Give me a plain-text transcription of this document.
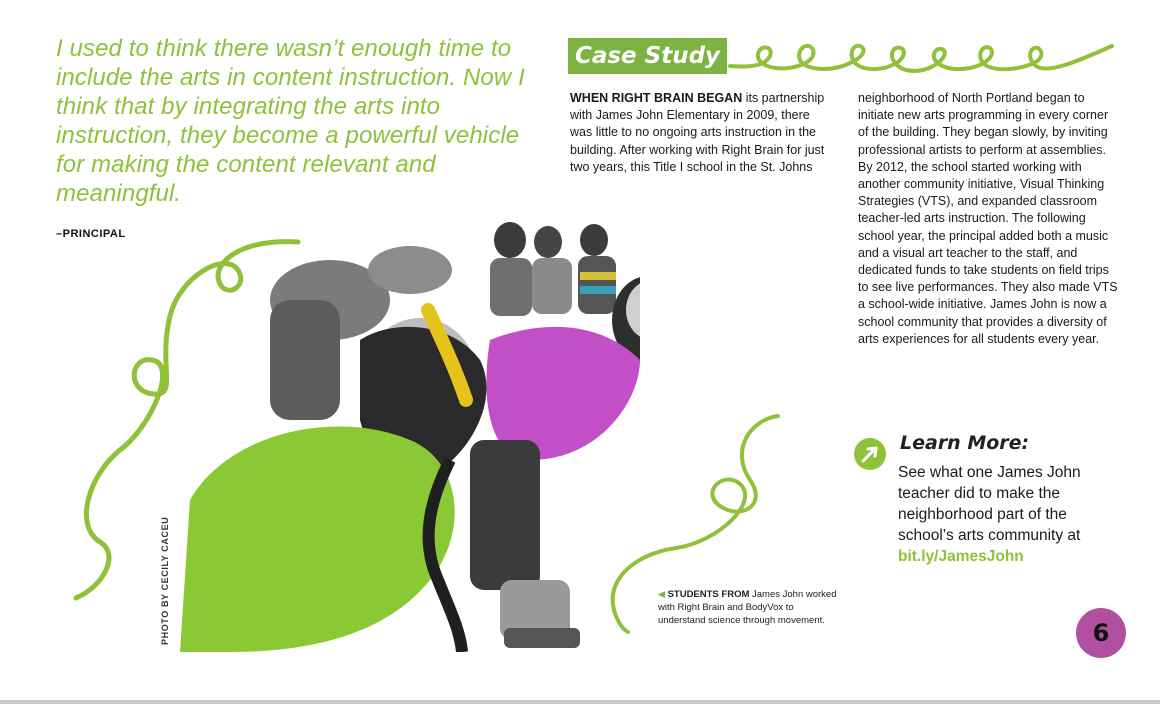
I used to think there wasn’t enough time to include the arts in content instruction. Now I think that by integrating the arts into instruction, they become a powerful vehicle for making the content relevant and meaningful.
–PRINCIPAL
PHOTO BY CECILY CACEU	◀ STUDENTS FROM James John worked with Right Brain and BodyVox to understand science through movement.
Case Study
WHEN RIGHT BRAIN BEGAN its partnership with James John Elementary in 2009, there was little to no ongoing arts instruction in the building. After working with Right Brain for just two years, this Title I school in the St. Johns
neighborhood of North Portland began to initiate new arts programming in every corner of the building. They began slowly, by inviting professional artists to perform at assemblies. By 2012, the school started working with another community initiative, Visual Thinking Strategies (VTS), and expanded classroom teacher-led arts instruction. The following school year, the principal added both a music and a visual art teacher to the staff, and dedicated funds to take students on field trips to see live performances. They also made VTS a school-wide initiative. James John is now a school community that provides a diversity of arts experiences for all students every year.
Learn More:
See what one James John teacher did to make the neighborhood part of the school’s arts community at bit.ly/JamesJohn
6
